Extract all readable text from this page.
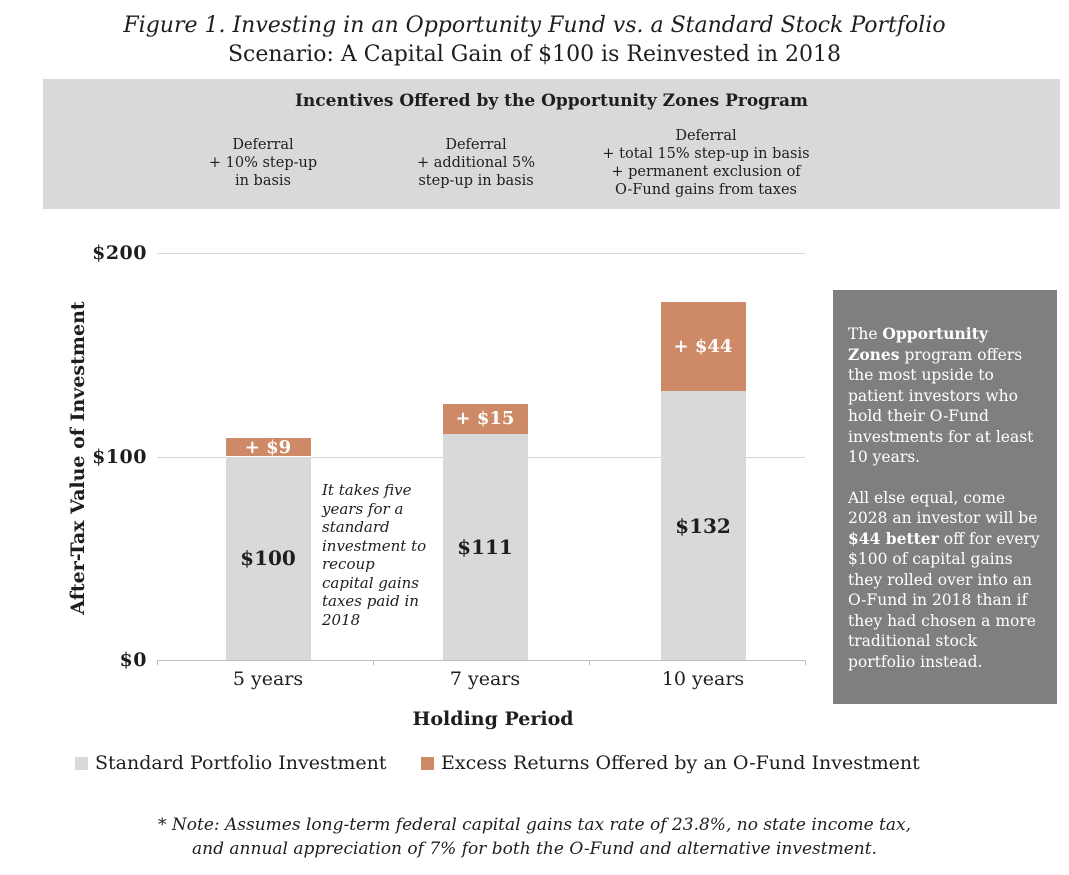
Figure 1. Investing in an Opportunity Fund vs. a Standard Stock Portfolio
Scenario: A Capital Gain of $100 is Reinvested in 2018
Incentives Offered by the Opportunity Zones Program
Deferral
+ 10% step-up
in basis
Deferral
+ additional 5%
step-up in basis
Deferral
+ total 15% step-up in basis
+ permanent exclusion of
O-Fund gains from taxes
After-Tax Value of Investment
$0
$100
$200
$100
+ $9
5 years
$111
+ $15
7 years
$132
+ $44
10 years
It takes five years for a standard investment to recoup capital gains taxes paid in 2018
Holding Period

The Opportunity Zones program offers the most upside to patient investors who hold their O-Fund investments for at least 10 years.

All else equal, come 2028 an investor will be $44 better off for every $100 of capital gains they rolled over into an O-Fund in 2018 than if they had chosen a more traditional stock portfolio instead.

Standard Portfolio Investment	Excess Returns Offered by an O-Fund Investment
* Note: Assumes long-term federal capital gains tax rate of 23.8%, no state income tax,
and annual appreciation of 7% for both the O-Fund and alternative investment.
